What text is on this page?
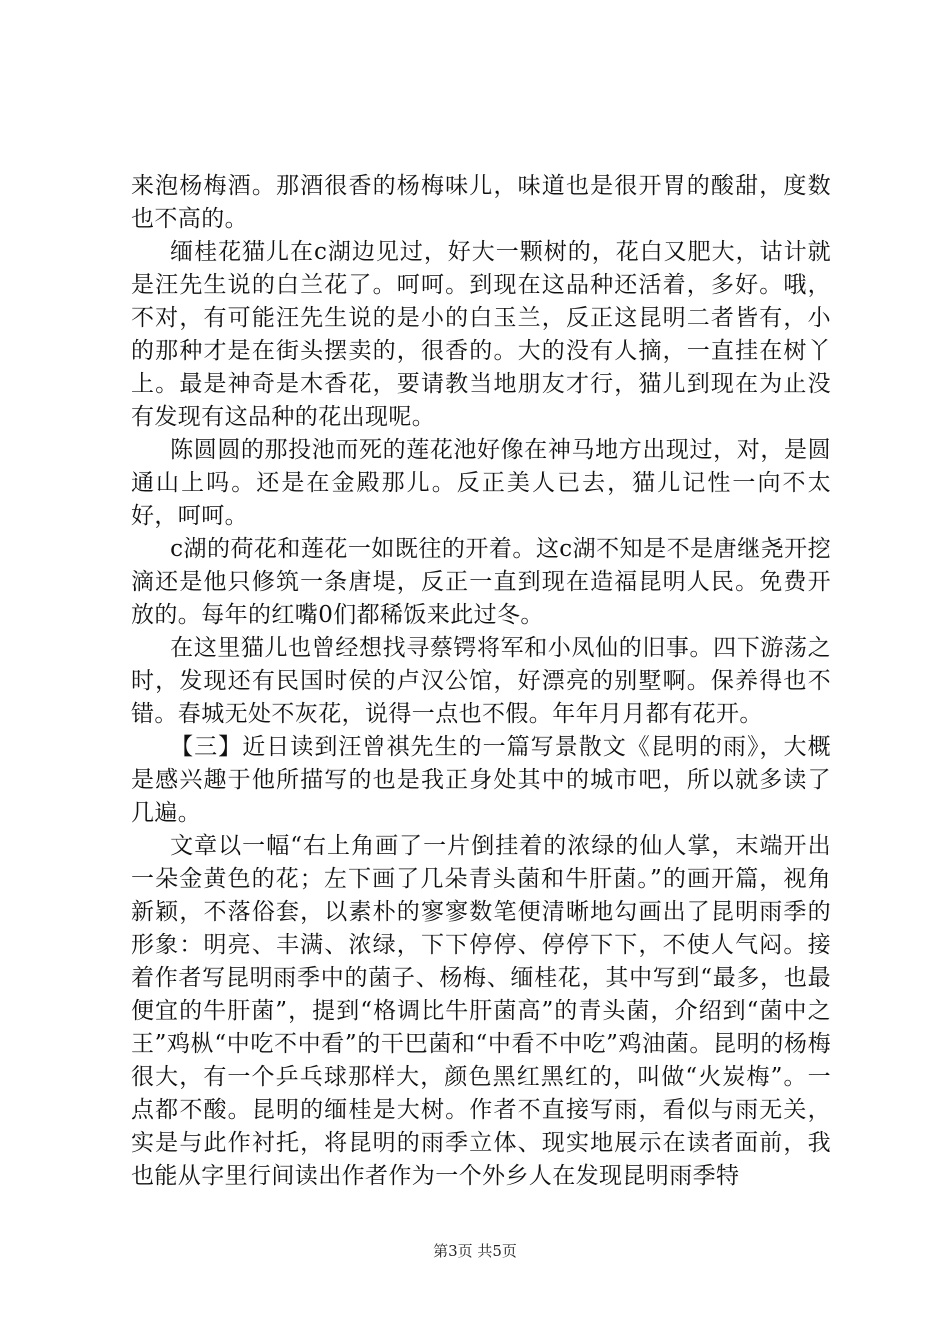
来泡杨梅酒。那酒很香的杨梅味儿，味道也是很开胃的酸甜，度数也不高的。

缅桂花猫儿在c湖边见过，好大一颗树的，花白又肥大，诂计就是汪先生说的白兰花了。呵呵。到现在这品种还活着，多好。哦，不对，有可能汪先生说的是小的白玉兰，反正这昆明二者皆有，小的那种才是在街头摆卖的，很香的。大的没有人摘，一直挂在树丫上。最是神奇是木香花，要请教当地朋友才行，猫儿到现在为止没有发现有这品种的花出现呢。

陈圆圆的那投池而死的莲花池好像在神马地方出现过，对，是圆通山上吗。还是在金殿那儿。反正美人已去，猫儿记性一向不太好，呵呵。

c湖的荷花和莲花一如既往的开着。这c湖不知是不是唐继尧开挖滴还是他只修筑一条唐堤，反正一直到现在造福昆明人民。免费开放的。每年的红嘴0们都稀饭来此过冬。

在这里猫儿也曾经想找寻蔡锷将军和小凤仙的旧事。四下游荡之时，发现还有民国时侯的卢汉公馆，好漂亮的别墅啊。保养得也不错。春城无处不灰花，说得一点也不假。年年月月都有花开。

【三】近日读到汪曾祺先生的一篇写景散文《昆明的雨》，大概是感兴趣于他所描写的也是我正身处其中的城市吧，所以就多读了几遍。

文章以一幅“右上角画了一片倒挂着的浓绿的仙人掌，末端开出一朵金黄色的花；左下画了几朵青头菌和牛肝菌。”的画开篇，视角新颖，不落俗套，以素朴的寥寥数笔便清晰地勾画出了昆明雨季的形象：明亮、丰满、浓绿，下下停停、停停下下，不使人气闷。接着作者写昆明雨季中的菌子、杨梅、缅桂花，其中写到“最多，也最便宜的牛肝菌”，提到“格调比牛肝菌高”的青头菌，介绍到“菌中之王”鸡枞“中吃不中看”的干巴菌和“中看不中吃”鸡油菌。昆明的杨梅很大，有一个乒乓球那样大，颜色黑红黑红的，叫做“火炭梅”。一点都不酸。昆明的缅桂是大树。作者不直接写雨，看似与雨无关，实是与此作衬托，将昆明的雨季立体、现实地展示在读者面前，我也能从字里行间读出作者作为一个外乡人在发现昆明雨季特

第3页 共5页
